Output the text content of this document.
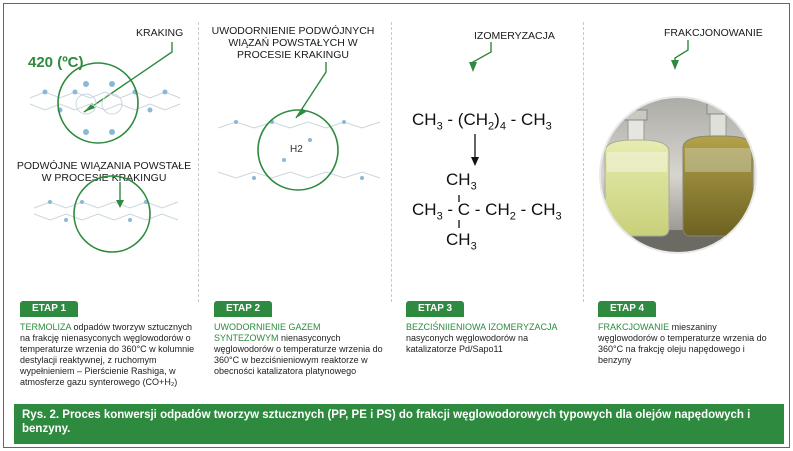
KRAKING
420 (ºC)
PODWÓJNE WIĄZANIA POWSTAŁE W PROCESIE KRAKINGU
UWODORNIENIE PODWÓJNYCH WIĄZAŃ POWSTAŁYCH W PROCESIE KRAKINGU
H2
IZOMERYZACJA
$CH_3 - (CH_2)_4 - CH_3$
$CH_3$
$CH_3$ - C - $CH_2 - CH_3$
$CH_3$
FRAKCJONOWANIE
ETAP 1	ETAP 2	ETAP 3	ETAP 4
TERMOLIZA odpadów tworzyw sztucznych na frakcję nienasyconych węglowodorów o temperaturze wrzenia do 360°C w kolumnie destylacji reaktywnej, z ruchomym wypełnieniem – Pierścienie Rashiga, w atmosferze gazu synterowego (CO+H₂)
UWODORNIENIE GAZEM SYNTEZOWYM nienasyconych węglowodorów o temperaturze wrzenia do 360°C w bezciśnieniowym reaktorze w obecności katalizatora platynowego
BEZCIŚNIIENIOWA IZOMERYZACJA nasyconych węglowodorów na katalizatorze Pd/Sapo11
FRAKCJOWANIE mieszaniny węglowodorów o temperaturze wrzenia do 360°C na frakcję oleju napędowego i benzyny
Rys. 2. Proces konwersji odpadów tworzyw sztucznych (PP, PE i PS) do frakcji węglowodorowych typowych dla olejów napędowych i benzyny.
